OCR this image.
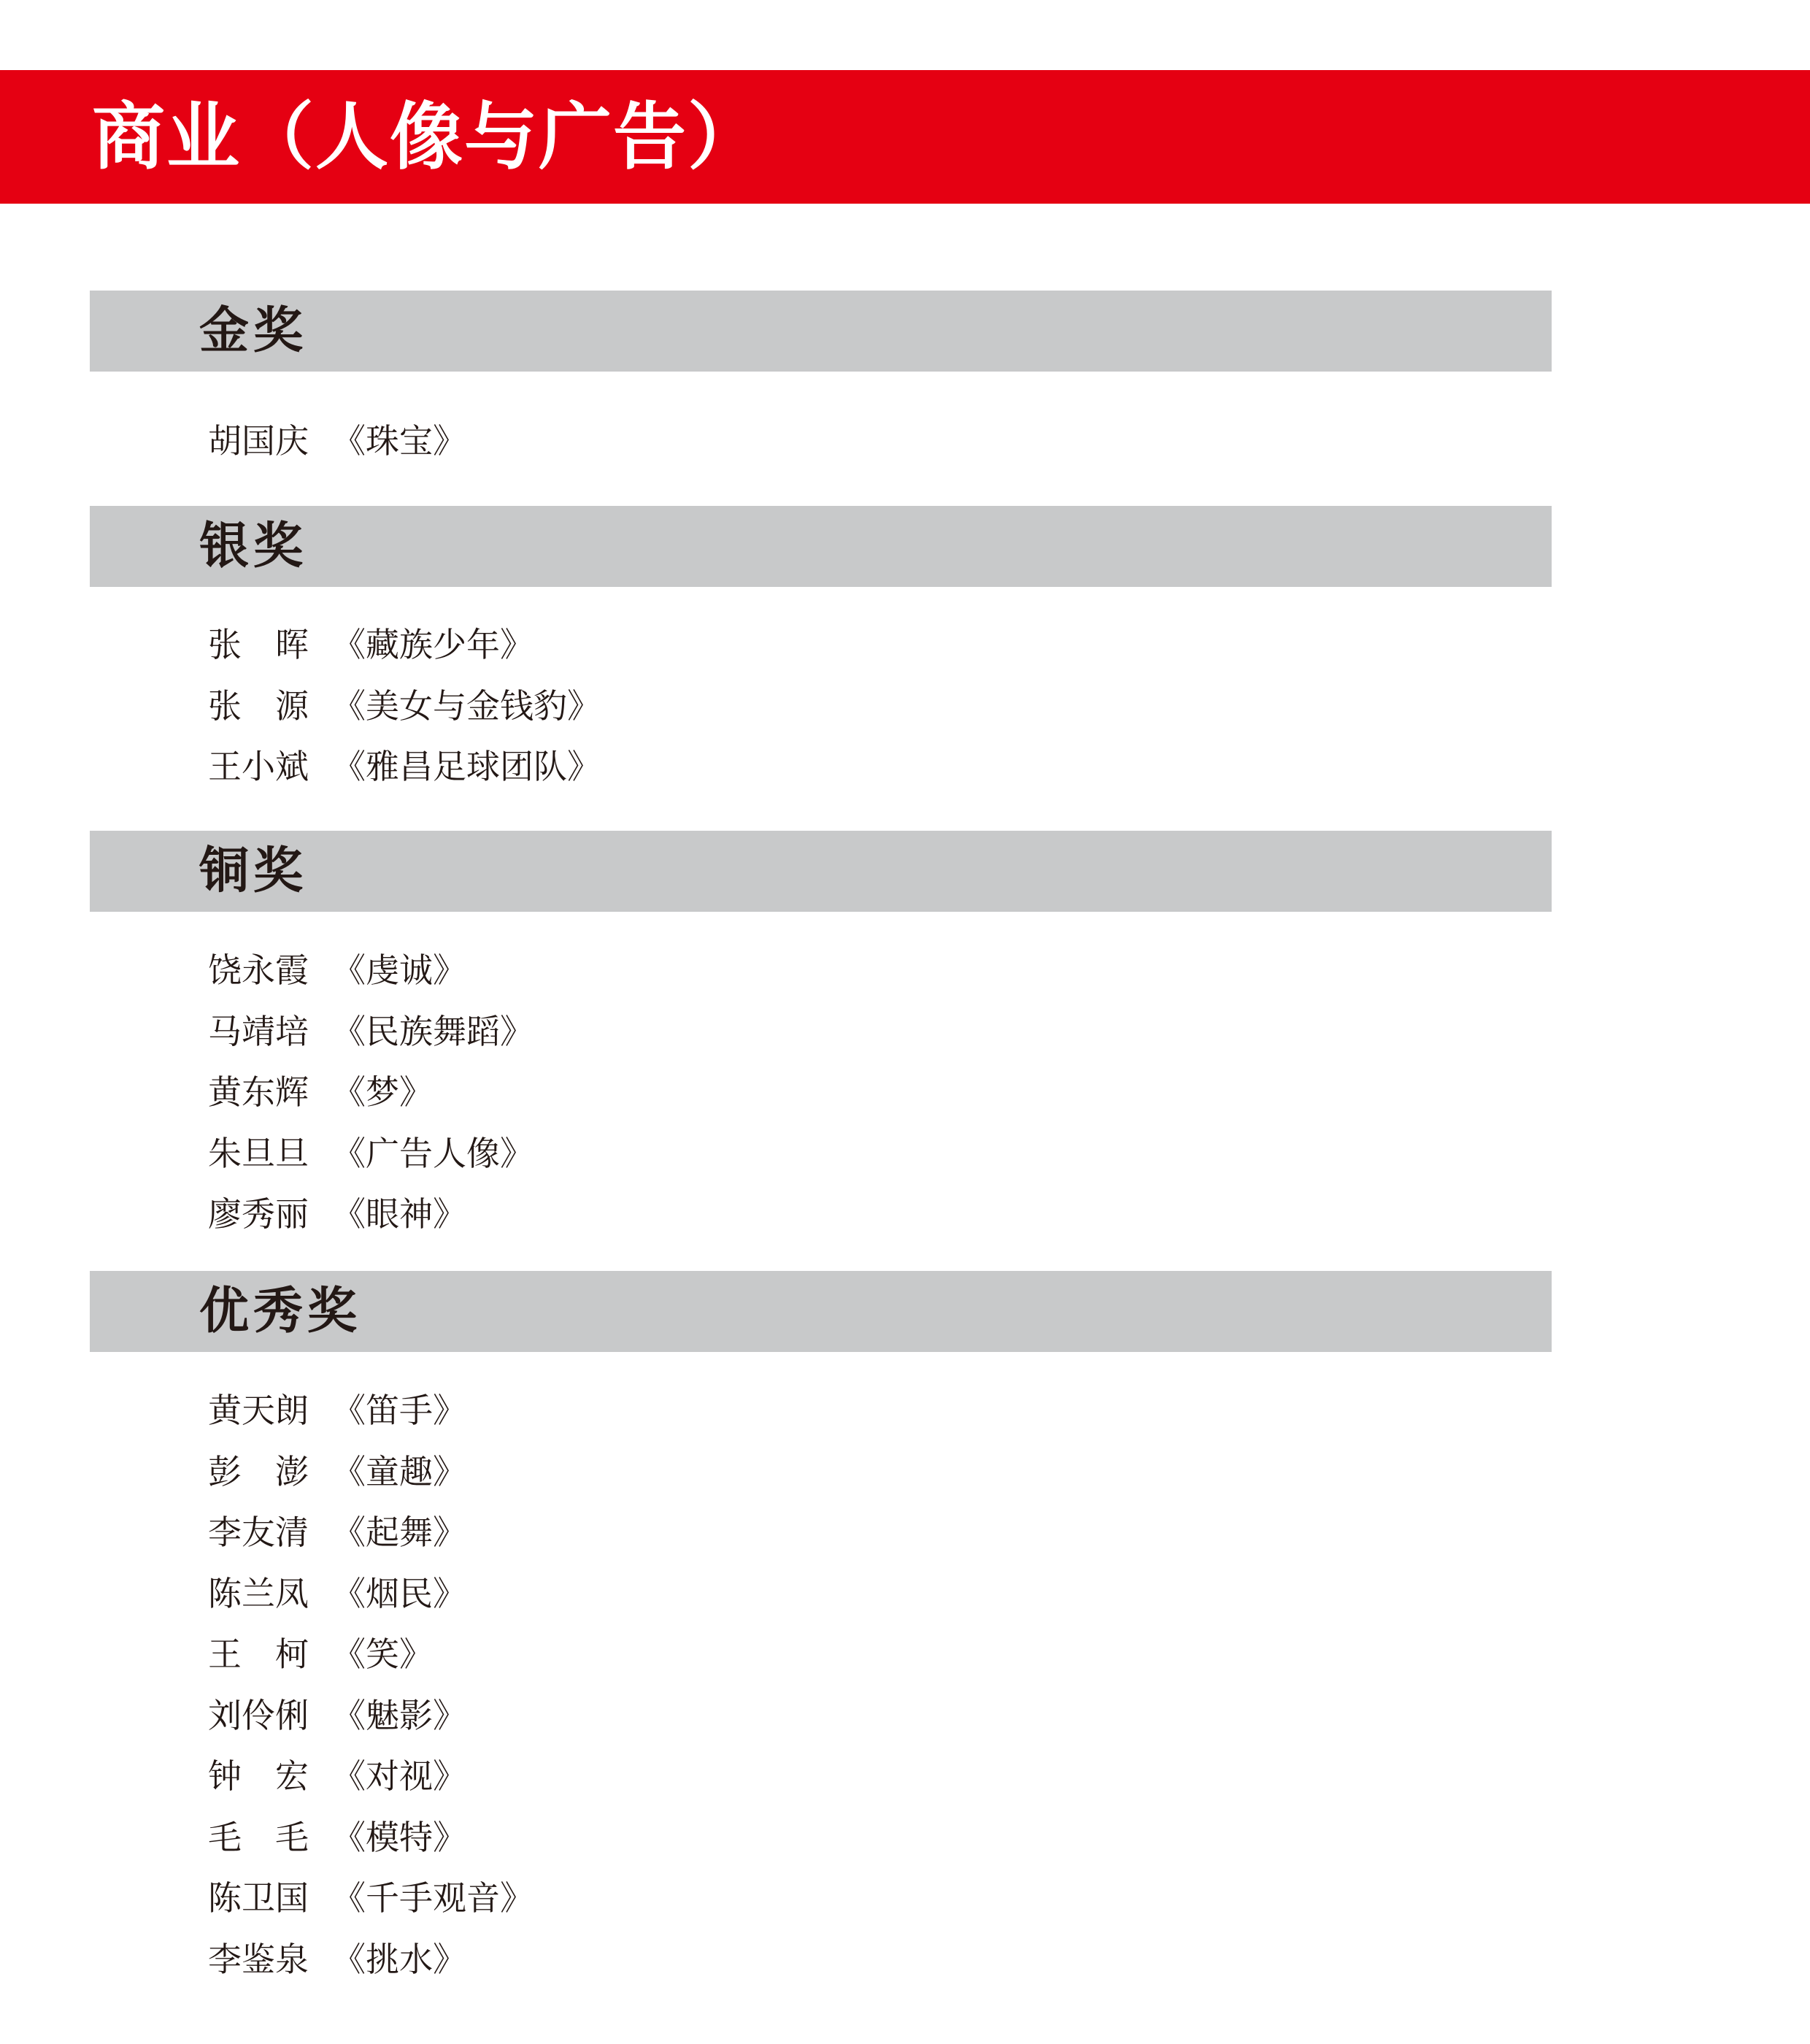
商业（人像与广告）
金奖
胡国庆 《珠宝》
银奖
张　晖 《藏族少年》
张　源 《美女与金钱豹》
王小斌 《雅昌足球团队》
铜奖
饶永霞 《虔诚》
马靖培 《民族舞蹈》
黄东辉 《梦》
朱旦旦 《广告人像》
廖秀丽 《眼神》
优秀奖
黄天朗 《笛手》
彭　澎 《童趣》
李友清 《起舞》
陈兰凤 《烟民》
王　柯 《笑》
刘伶俐 《魅影》
钟　宏 《对视》
毛　毛 《模特》
陈卫国 《千手观音》
李鉴泉 《挑水》
